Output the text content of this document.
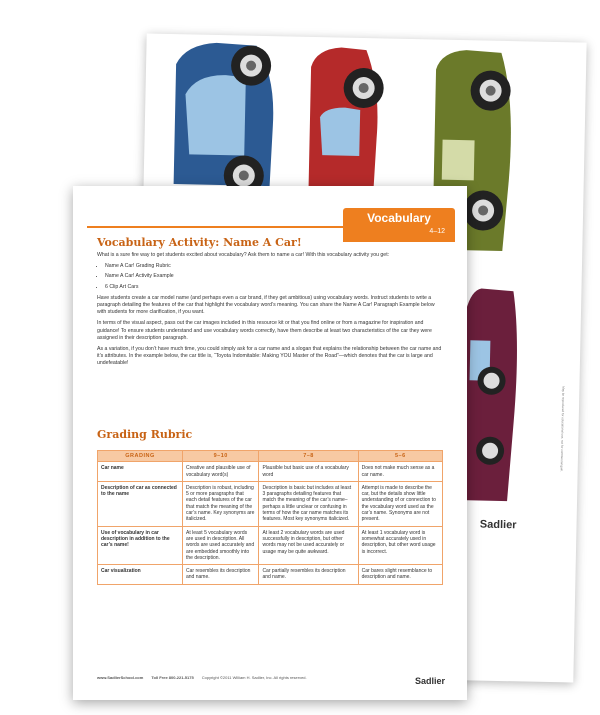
Sadlier
May be reproduced for educational use, not for commercial gain.
Vocabulary
4–12
Vocabulary Activity: Name A Car!

What is a sure fire way to get students excited about vocabulary? Ask them to name a car! With this vocabulary activity you get:

• Name A Car! Grading Rubric
• Name A Car! Activity Example
• 6 Clip Art Cars

Have students create a car model name (and perhaps even a car brand, if they get ambitious) using vocabulary words. Instruct students to write a paragraph detailing the features of the car that highlight the vocabulary word’s meaning. You can share the Name A Car! Paragraph Example below with students for more clarification, if you want.

In terms of the visual aspect, pass out the car images included in this resource kit or that you find online or from a magazine for inspiration and guidance! To ensure students understand and use vocabulary words correctly, have them describe at least two characteristics of the car they were assigned in their description paragraph.

As a variation, if you don’t have much time, you could simply ask for a car name and a slogan that explains the relationship between the car name and it’s attributes. In the example below, the car title is, “Toyota Indomitable: Making YOU Master of the Road”—which denotes that the car is large and undefeatable!

Grading Rubric
GRADING	9–10	7–8	5–6
Car name	Creative and plausible use of vocabulary word(s)	Plausible but basic use of a vocabulary word	Does not make much sense as a car name.
Description of car as connected to the name	Description is robust, including 5 or more paragraphs that each detail features of the car that match the meaning of the car’s name. Key synonyms are italicized.	Description is basic but includes at least 3 paragraphs detailing features that match the meaning of the car’s name–perhaps a little unclear or confusing in terms of how the car name matches its features. Most key synonyms italicized.	Attempt is made to describe the car, but the details show little understanding of or connection to the vocabulary word used as the car’s name. Synonyms are not present.
Use of vocabulary in car description in addition to the car’s name!	At least 5 vocabulary words are used in description. All words are used accurately and are embedded smoothly into the description.	At least 2 vocabulary words are used successfully in description, but other words may not be used accurately or usage may be quite awkward.	At least 1 vocabulary word is somewhat accurately used in description, but other word usage is incorrect.
Car visualization	Car resembles its description and name.	Car partially resembles its description and name.	Car bares slight resemblance to description and name.
www.SadlierSchool.com Toll Free 800-221-5175 Copyright ©2011 William H. Sadlier, Inc. All rights reserved.	Sadlier
